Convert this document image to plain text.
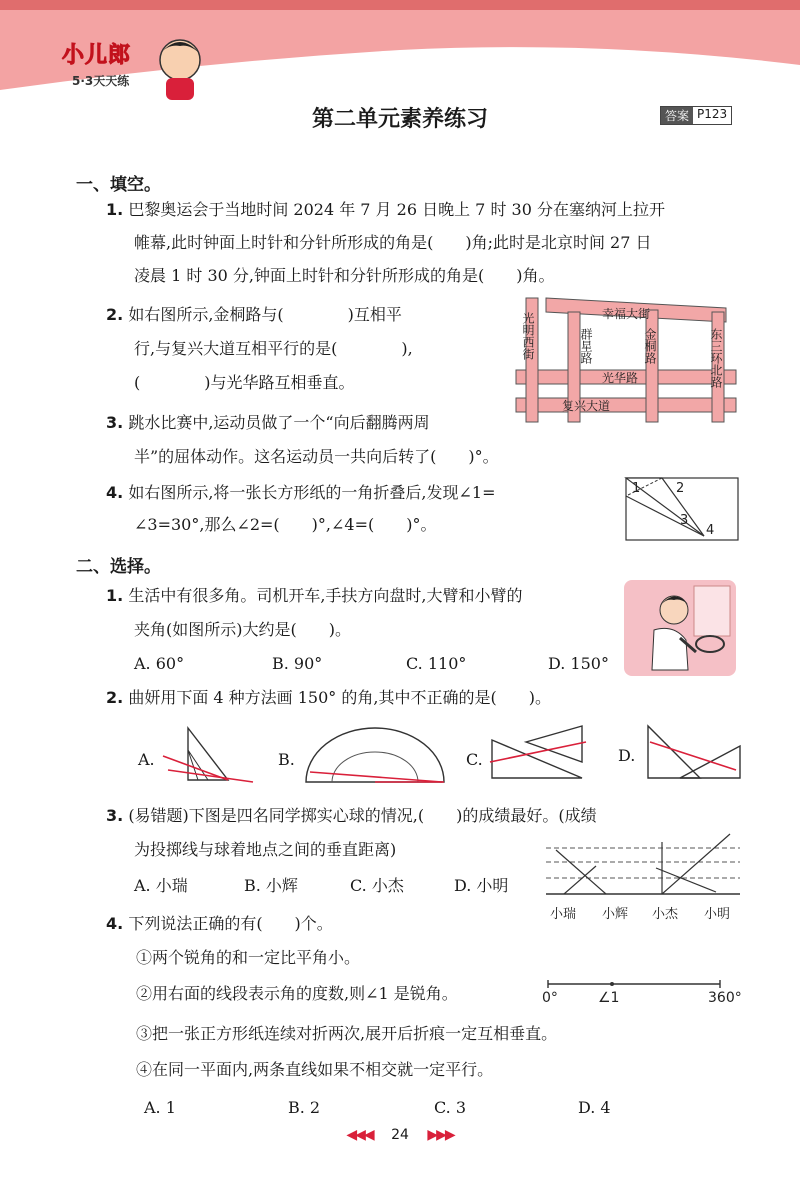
小儿郎
5·3天天练
第二单元素养练习	答案 P123
一、填空。
1. 巴黎奥运会于当地时间 2024 年 7 月 26 日晚上 7 时 30 分在塞纳河上拉开
帷幕,此时钟面上时针和分针所形成的角是(　　)角;此时是北京时间 27 日
凌晨 1 时 30 分,钟面上时针和分针所形成的角是(　　)角。
2. 如右图所示,金桐路与(　　　　)互相平
行,与复兴大道互相平行的是(　　　　),
(　　　　)与光华路互相垂直。
光明西街	幸福大街
群星路	金桐路	东三环北路
光华路
复兴大道
3. 跳水比赛中,运动员做了一个“向后翻腾两周
半”的屈体动作。这名运动员一共向后转了(　　)°。
4. 如右图所示,将一张长方形纸的一角折叠后,发现∠1=
∠3=30°,那么∠2=(　　)°,∠4=(　　)°。
1	2
3
4
二、选择。
1. 生活中有很多角。司机开车,手扶方向盘时,大臂和小臂的
夹角(如图所示)大约是(　　)。
A. 60°	B. 90°	C. 110°	D. 150°
2. 曲妍用下面 4 种方法画 150° 的角,其中不正确的是(　　)。
A.	B.	C.	D.
3. (易错题)下图是四名同学掷实心球的情况,(　　)的成绩最好。(成绩
为投掷线与球着地点之间的垂直距离)
A. 小瑞	B. 小辉	C. 小杰	D. 小明
小瑞 小辉 小杰 小明
4. 下列说法正确的有(　　)个。
①两个锐角的和一定比平角小。
②用右面的线段表示角的度数,则∠1 是锐角。
③把一张正方形纸连续对折两次,展开后折痕一定互相垂直。
④在同一平面内,两条直线如果不相交就一定平行。
A. 1	B. 2	C. 3	D. 4
0°	∠1	360°
◀◀◀ 24 ▶▶▶
